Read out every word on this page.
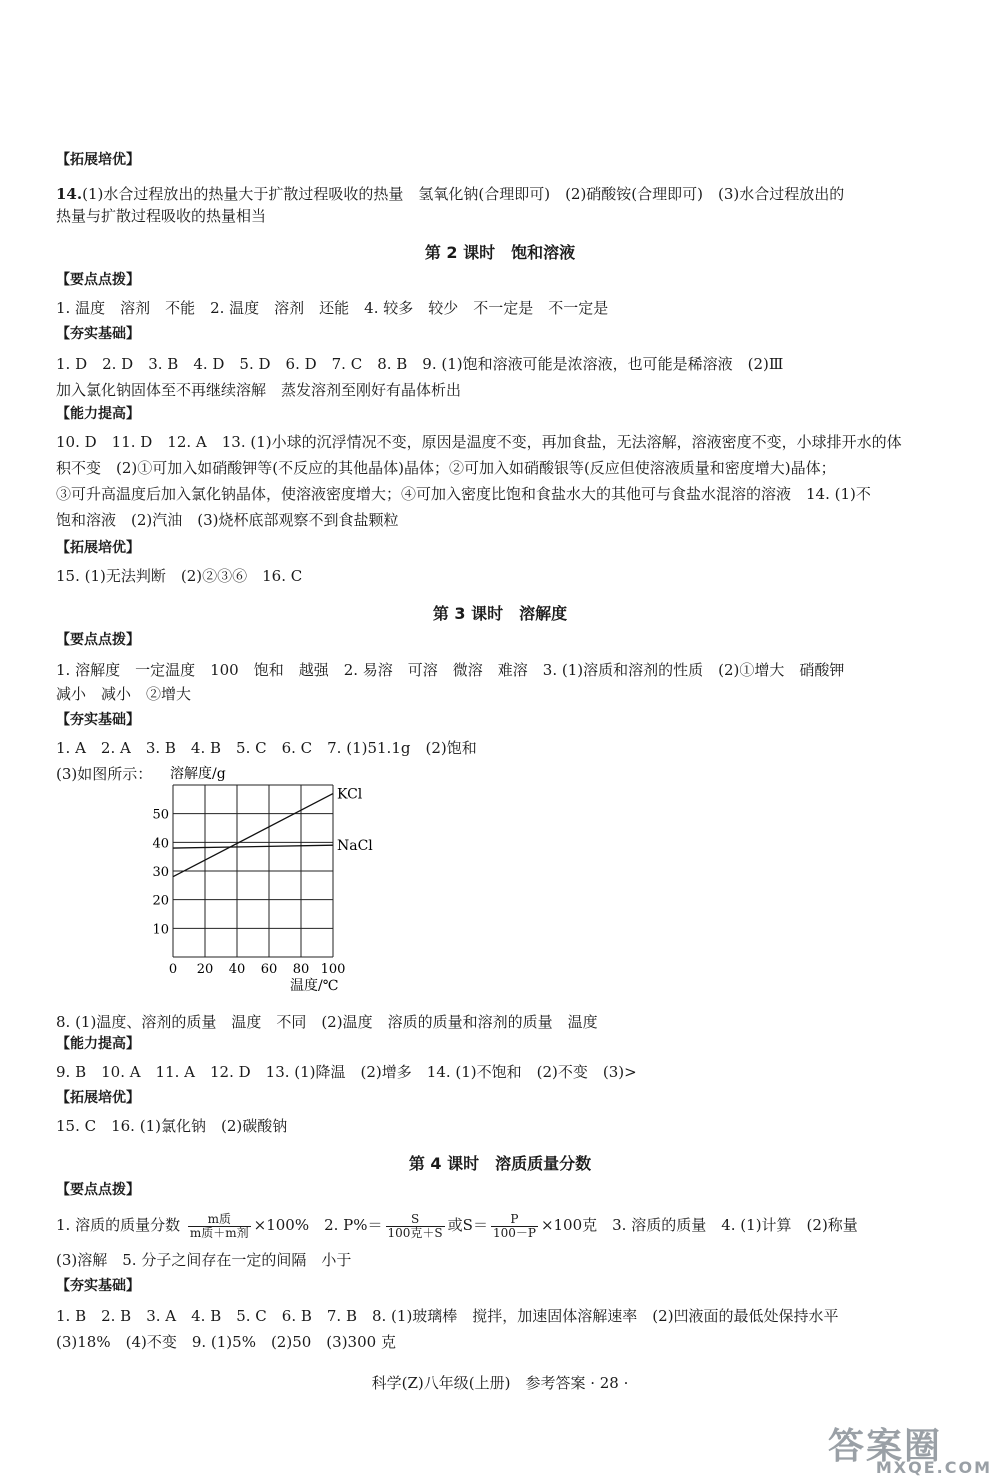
【拓展培优】
14.(1)水合过程放出的热量大于扩散过程吸收的热量　氢氧化钠(合理即可)　(2)硝酸铵(合理即可)　(3)水合过程放出的
热量与扩散过程吸收的热量相当
第 2 课时　饱和溶液
【要点点拨】
1. 温度　溶剂　不能　2. 温度　溶剂　还能　4. 较多　较少　不一定是　不一定是
【夯实基础】
1. D　2. D　3. B　4. D　5. D　6. D　7. C　8. B　9. (1)饱和溶液可能是浓溶液，也可能是稀溶液　(2)Ⅲ
加入氯化钠固体至不再继续溶解　蒸发溶剂至刚好有晶体析出
【能力提高】
10. D　11. D　12. A　13. (1)小球的沉浮情况不变，原因是温度不变，再加食盐，无法溶解，溶液密度不变，小球排开水的体
积不变　(2)①可加入如硝酸钾等(不反应的其他晶体)晶体；②可加入如硝酸银等(反应但使溶液质量和密度增大)晶体；
③可升高温度后加入氯化钠晶体，使溶液密度增大；④可加入密度比饱和食盐水大的其他可与食盐水混溶的溶液　14. (1)不
饱和溶液　(2)汽油　(3)烧杯底部观察不到食盐颗粒
【拓展培优】
15. (1)无法判断　(2)②③⑥　16. C
第 3 课时　溶解度
【要点点拨】
1. 溶解度　一定温度　100　饱和　越强　2. 易溶　可溶　微溶　难溶　3. (1)溶质和溶剂的性质　(2)①增大　硝酸钾
减小　减小　②增大
【夯实基础】
1. A　2. A　3. B　4. B　5. C　6. C　7. (1)51.1g　(2)饱和
(3)如图所示： 溶解度/g
温度/℃
0 20 40 60 80 100
10
20
30
40
50
KCl
NaCl
8. (1)温度、溶剂的质量　温度　不同　(2)温度　溶质的质量和溶剂的质量　温度
【能力提高】
9. B　10. A　11. A　12. D　13. (1)降温　(2)增多　14. (1)不饱和　(2)不变　(3)>
【拓展培优】
15. C　16. (1)氯化钠　(2)碳酸钠
第 4 课时　溶质质量分数
【要点点拨】
1. 溶质的质量分数 $\frac{\text{m质}}{\text{m质＋m剂}} \times 100\%$　2. $P\%= \frac{S}{\text{100克＋S}}$ 或$S= \frac{P}{100-P} \times 100$克　3. 溶质的质量　4. (1)计算　(2)称量
(3)溶解　5. 分子之间存在一定的间隔　小于
【夯实基础】
1. B　2. B　3. A　4. B　5. C　6. B　7. B　8. (1)玻璃棒　搅拌，加速固体溶解速率　(2)凹液面的最低处保持水平
(3)18%　(4)不变　9. (1)5%　(2)50　(3)300 克
科学(Z)八年级(上册)　参考答案 · 28 ·
答案圈
MXQE.COM
